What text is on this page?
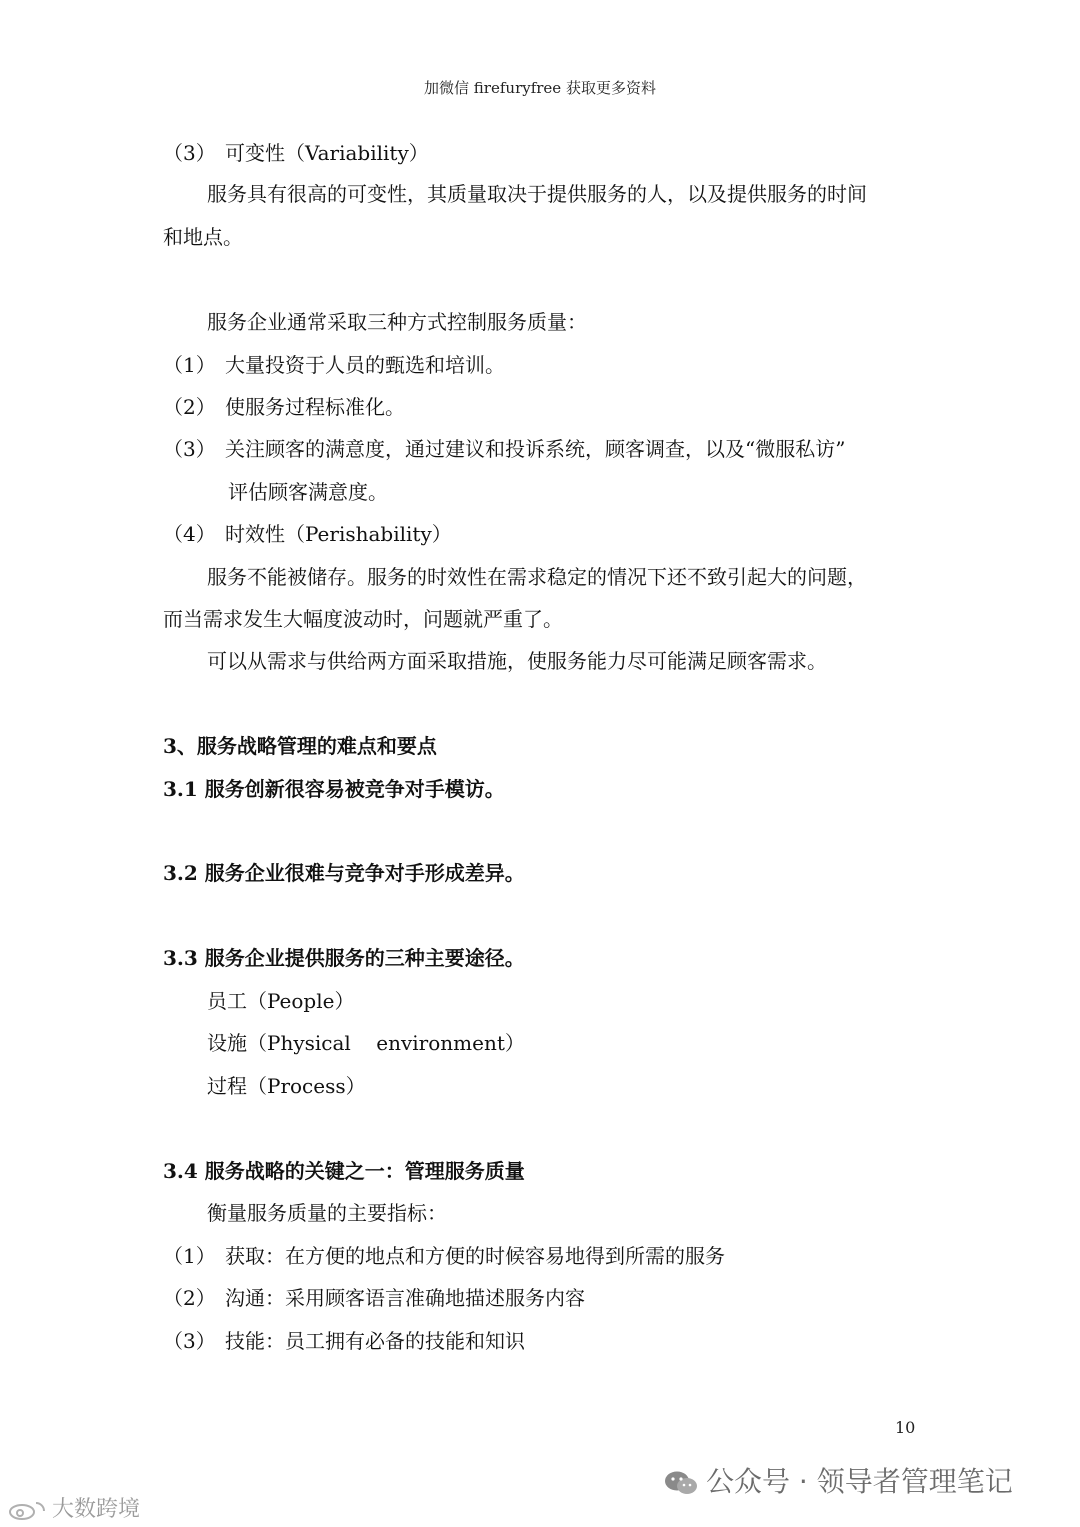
加微信 firefuryfree 获取更多资料
（3） 可变性（Variability）
服务具有很高的可变性，其质量取决于提供服务的人，以及提供服务的时间
和地点。
服务企业通常采取三种方式控制服务质量：
（1） 大量投资于人员的甄选和培训。
（2） 使服务过程标准化。
（3） 关注顾客的满意度，通过建议和投诉系统，顾客调查，以及“微服私访”
评估顾客满意度。
（4） 时效性（Perishability）
服务不能被储存。服务的时效性在需求稳定的情况下还不致引起大的问题，
而当需求发生大幅度波动时，问题就严重了。
可以从需求与供给两方面采取措施，使服务能力尽可能满足顾客需求。
3、服务战略管理的难点和要点
3.1 服务创新很容易被竞争对手模访。
3.2 服务企业很难与竞争对手形成差异。
3.3 服务企业提供服务的三种主要途径。
员工（People）
设施（Physical    environment）
过程（Process）
3.4 服务战略的关键之一：管理服务质量
衡量服务质量的主要指标：
（1） 获取：在方便的地点和方便的时候容易地得到所需的服务
（2） 沟通：采用顾客语言准确地描述服务内容
（3） 技能：员工拥有必备的技能和知识
10
公众号 · 领导者管理笔记
大数跨境
